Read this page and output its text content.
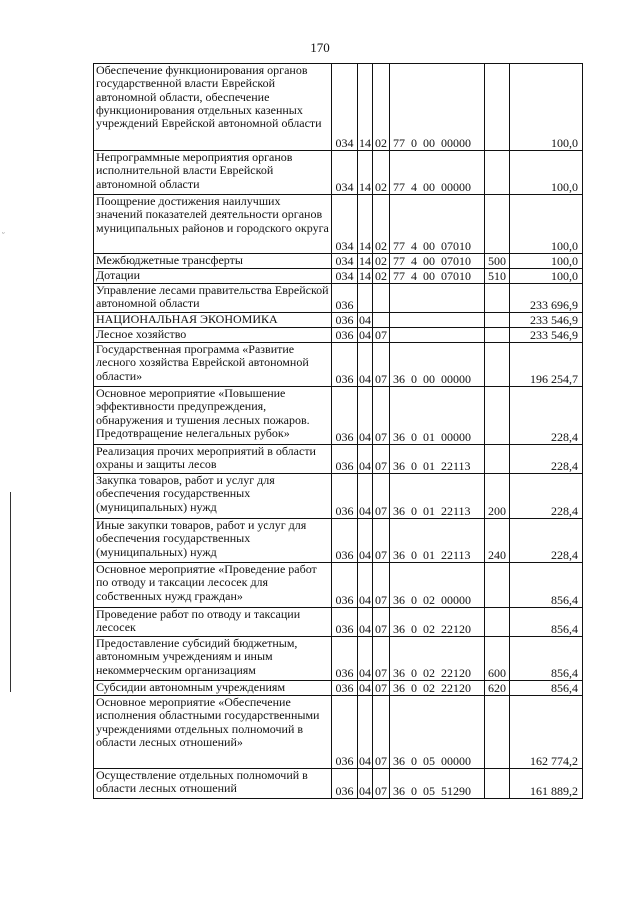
170
ᵕ
Обеспечение функционирования органов государственной власти Еврейской автономной области, обеспечение функционирования отдельных казенных учреждений Еврейской автономной области	034	14	02	77  0  00  00000		100,0
Непрограммные мероприятия органов исполнительной власти Еврейской автономной области	034	14	02	77  4  00  00000		100,0
Поощрение достижения наилучших значений показателей деятельности органов муниципальных районов и городского округа	034	14	02	77  4  00  07010		100,0
Межбюджетные трансферты	034	14	02	77  4  00  07010	500	100,0
Дотации	034	14	02	77  4  00  07010	510	100,0
Управление лесами правительства Еврейской автономной области	036					233 696,9
НАЦИОНАЛЬНАЯ ЭКОНОМИКА	036	04				233 546,9
Лесное хозяйство	036	04	07			233 546,9
Государственная программа «Развитие лесного хозяйства Еврейской автономной области»	036	04	07	36  0  00  00000		196 254,7
Основное мероприятие «Повышение эффективности предупреждения, обнаружения и тушения лесных пожаров. Предотвращение нелегальных рубок»	036	04	07	36  0  01  00000		228,4
Реализация прочих мероприятий в области охраны и защиты лесов	036	04	07	36  0  01  22113		228,4
Закупка товаров, работ и услуг для обеспечения государственных (муниципальных) нужд	036	04	07	36  0  01  22113	200	228,4
Иные закупки товаров, работ и услуг для обеспечения государственных (муниципальных) нужд	036	04	07	36  0  01  22113	240	228,4
Основное мероприятие «Проведение работ по отводу и таксации лесосек для собственных нужд граждан»	036	04	07	36  0  02  00000		856,4
Проведение работ по отводу и таксации лесосек	036	04	07	36  0  02  22120		856,4
Предоставление субсидий бюджетным, автономным учреждениям и иным некоммерческим организациям	036	04	07	36  0  02  22120	600	856,4
Субсидии автономным учреждениям	036	04	07	36  0  02  22120	620	856,4
Основное мероприятие «Обеспечение исполнения областными государственными учреждениями отдельных полномочий в области лесных отношений»	036	04	07	36  0  05  00000		162 774,2
Осуществление отдельных полномочий в области лесных отношений	036	04	07	36  0  05  51290		161 889,2
